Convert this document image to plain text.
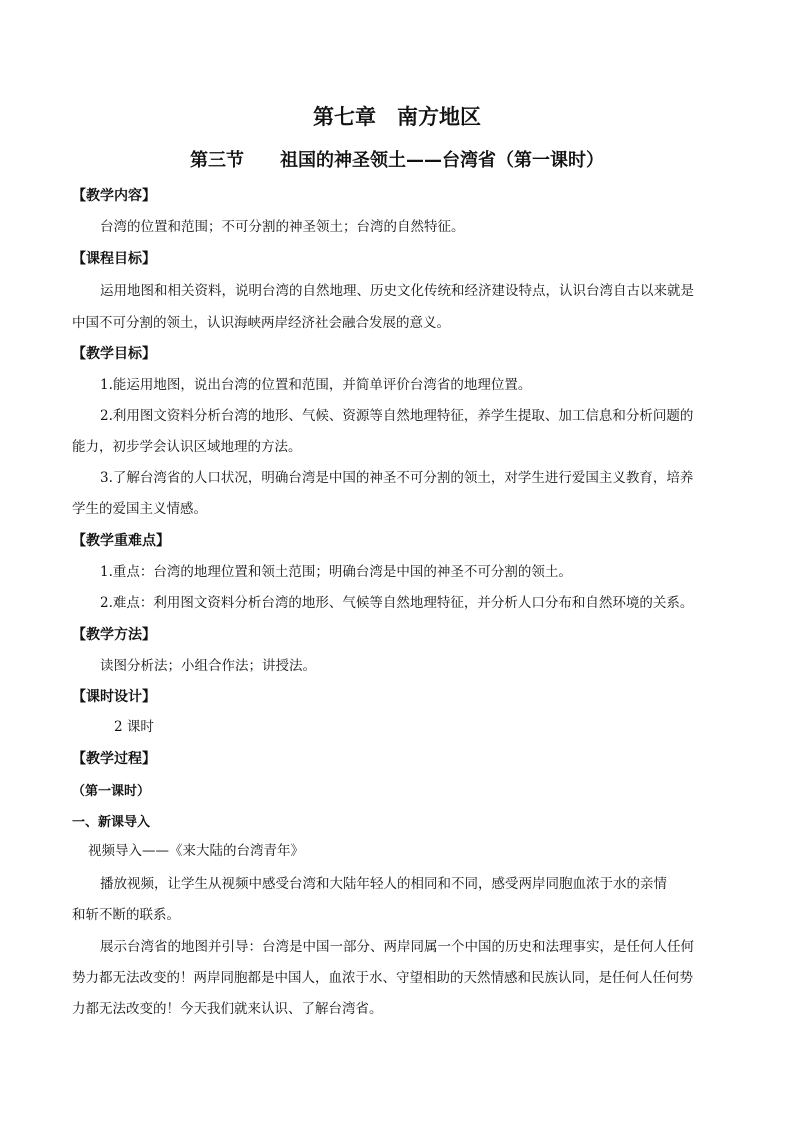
第七章　南方地区
第三节　　祖国的神圣领土——台湾省（第一课时）
【教学内容】
台湾的位置和范围；不可分割的神圣领土；台湾的自然特征。
【课程目标】
运用地图和相关资料，说明台湾的自然地理、历史文化传统和经济建设特点，认识台湾自古以来就是
中国不可分割的领土，认识海峡两岸经济社会融合发展的意义。
【教学目标】
1.能运用地图，说出台湾的位置和范围，并简单评价台湾省的地理位置。
2.利用图文资料分析台湾的地形、气候、资源等自然地理特征，养学生提取、加工信息和分析问题的
能力，初步学会认识区域地理的方法。
3.了解台湾省的人口状况，明确台湾是中国的神圣不可分割的领土，对学生进行爱国主义教育，培养
学生的爱国主义情感。
【教学重难点】
1.重点：台湾的地理位置和领土范围；明确台湾是中国的神圣不可分割的领土。
2.难点：利用图文资料分析台湾的地形、气候等自然地理特征，并分析人口分布和自然环境的关系。
【教学方法】
读图分析法；小组合作法；讲授法。
【课时设计】
2 课时
【教学过程】
（第一课时）
一、新课导入
视频导入——《来大陆的台湾青年》
播放视频，让学生从视频中感受台湾和大陆年轻人的相同和不同，感受两岸同胞血浓于水的亲情
和斩不断的联系。
展示台湾省的地图并引导：台湾是中国一部分、两岸同属一个中国的历史和法理事实，是任何人任何
势力都无法改变的！两岸同胞都是中国人，血浓于水、守望相助的天然情感和民族认同，是任何人任何势
力都无法改变的！今天我们就来认识、了解台湾省。
